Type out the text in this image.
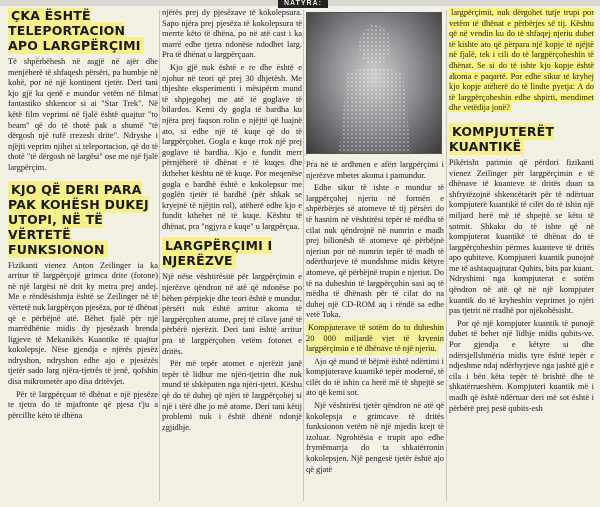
NATYRA:
ÇKA ËSHTË TELEPORTACION APO LARGPËRÇIMI

Të shpërbëhesh në asgjë në ajër dhe menjëherë të shfaqesh përsëri, pa humbje në kohë, por në një kontinent tjetër. Deri tani kjo gjë ka qenë e mundur vetëm në filmat fantastiko shkencor si ai "Star Trek". Në këtë film veprimi në fjalë është quajtur "to beam" që do të thotë pak a shumë "të dërgosh një tufë rrezesh drite". Ndryshe i njëjti veprim njihet si teleportacion, që do të thotë "të dërgosh në largësi" ose me një fjalë largpërçim.

KJO QË DERI PARA PAK KOHËSH DUKEJ UTOPI, NË TË VËRTETË FUNKSIONON

Fizikanti vienez Anton Zeilinger ia ka arritur të largpërçojë grimca drite (fotone) në një largësi në drit ky metra prej andej. Me e rëndësishmja është se Zeilinger në të vërtetë nuk largpërçon pjesëza, por të dhënat që e përbëjnë atë. Bëhet fjalë për një marrëdhënie midis dy pjesëzash brenda ligjeve të Mekanikës Kuantike të quajtur kokolepsje. Nëse gjendja e njërës pjesëz ndryshon, ndryshon edhe ajo e pjesëzës tjetër sado larg njëra-tjetrës të jenë, qofshin disa mikrometër apo disa dritëvjet.

Për të largpërçuar të dhënat e një pjesëze te tjetra do të mjaftonte që pjesa t'ju a përcillte këto të dhëna

njërës prej dy pjesëzave të kokolepsura. Sapo njëra prej pjesëza të kokolepsura të merrte këto të dhëna, po në atë cast i ka marrë edhe tjetra ndonëse ndodhet larg. Pra të dhënat u largpërçuan.

Kjo gjë nuk është e re dhe është e njohur në teori që prej 30 dhjetësh. Me thjeshte eksperimenti i mësipërm mund të shpjegohej me atë të goglave të bilardos. Kemi dy gogla të bardha ku njëra prej faqson rolin e njëjtë që luajnë ato, si edhe një të kuqe që do të largpërçohet. Gogla e kuqe rrok një prej goglave të bardha. Kjo e fundit merr përnjëherë të dhënat e të kuqes dhe ikthehet kështu në të kuqe. Por meqenëse gogla e bardhë është e kokolepsur me goglën tjetër të bardhë (për shkak se kryejnë të njëjtin rol), atëherë edhe kjo e fundit kthehet në të kuqe. Kështu të dhënat, pra "ngjyra e kuqe" u largpërçua.

LARGPËRÇIMI I NJERËZVE

Një nëse vështirësitë për largpërçimin e njerëzve qëndron në atë që ndonëse po bëhen përpjekje dhe teori është e mundur, përsëri nuk është arritur akoma të largpërçohen atome, prej të cilave janë të përbërë njerëzit. Deri tani është arritur pra të largpërçohen vetëm fotonet e dritës.

Për më tepër atomet e njerëzit janë tepër të lidhur me njëri-tjetrin dhe nuk mund të shkëputen nga njëri-tjetri. Këshu që do të duhej që njëri të largpërçohej si një i tërë dhe jo më atome. Deri tani këtij problemi nuk i është dhënë ndonjë zgjidhje.

Pra në të ardhmen e afërt largpërçimi i njerëzve mbetet akoma i pamundur.

Edhe sikur të ishte e mundur të largpërçohej njeriu në formën e shpërbërjes së atomeve të tij përsëri do të hasnim në vështirësi tepër të mëdha të cilat nuk qëndrojnë në numrin e madh prej bilionësh të atomeve që përbëjnë njeriun por në numrin tepër të madh të ndërthurjeve të mundshme midis këtyre atomeve, që përbëjnë trupin e njeriut. Do të na duheshin të largpërçohin sasi aq të mëdha të dhënash për të cilat do na duhej një CD-ROM aq i rëndë sa edhe vetë Toka.

Kompjuterave të sotëm do tu duheshin 20 000 miljardë vjet të kryenin largpërçimin e të dhënave të një njeriu.

Ajo që mund të bëjmë është ndërtimi i kompjuterave kuantikë tepër modernë, të cilët do të ishin ca herë më të shpejtë se ato që kemi sot.

Një vështirësi tjetër qëndron në atë që kokolepsja e grimcave të dritës funksionon vetëm në një mjedis krejt të izoluar. Ngrohtësia e trupit apo edhe frymëmarrja do ta shkatërronin kokolepsjen. Një pengesë tjetër është ajo që gjatë

largpërçimit, nuk dërgohet tutje trupi por vetëm të dhënat e përbërjes së tij. Kështu që në vendin ku do të shfaqej njeriu duhet të kishte ato që përpara një kopje të njëjtë në fjalë, tek i cili do të largpërçoheshin të dhënat. Se si do të ishte kjo kopje është akoma e paqartë. Por edhe sikur të kryhej kjo kopje atëherë do të lindte pyetja: A do të largpërçoheshin edhe shpirti, mendimet dhe vetëdija jonë?

KOMPJUTERËT KUANTIKË

Pikërisht parimin që përdori fizikanti vienez Zeilinger për largpërçimin e të dhënave të kuanteve të dritës duan ta shfrytëzojnë shkencëtarët për të ndërtuar kompjuterë kuantikë të cilët do të ishin një miljard herë më të shpejtë se këto të sotmit. Shkaku do të ishte që në kompjuterat kuantikë të dhënat do të largpërçoheshin përmes kuanteve të dritës apo qubiteve. Kompjuteri kuantik punojnë me të ashtaquajturat Qubits, bits par kuant. Ndryshimi nga kompjuterat e sotëm qëndron në atë që në një kompjuter kuantik do të kryheshin veprimet jo njëri pas tjetrit në rradhë por njëkohësisht.

Por që një kompjuter kuantik të punojë duhet të behet një lidhje midis qubits-ve. Por gjendja e këtyre si dhe ndërsjellshmëria midis tyre është tepër e ndjeshme ndaj ndërhyrjeve nga jashtë gjë e cila i bën këta tepër të brishtë dhe të shkatërrueshëm. Kompjuteri kuantik më i madh që është ndërtuar deri më sot është i përbërë prej pesë qubits-esh
